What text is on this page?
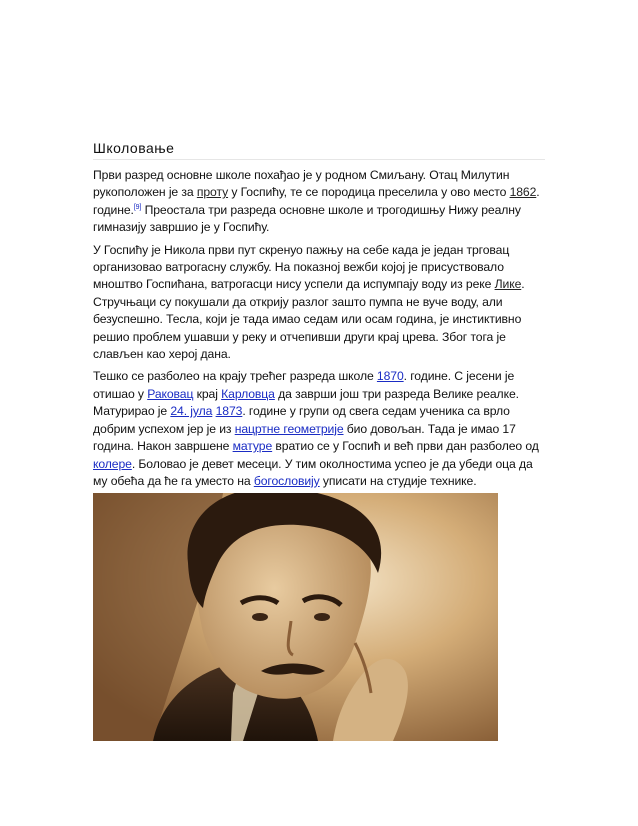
Школовање

Први разред основне школе похађао је у родном Смиљану. Отац Милутин рукоположен је за проту у Госпићу, те се породица преселила у ово место 1862. године.[9] Преостала три разреда основне школе и трогодишњу Нижу реалну гимназију завршио је у Госпићу.

У Госпићу је Никола први пут скренуо пажњу на себе када је један трговац организовао ватрогасну службу. На показној вежби којој је присуствовало мноштво Госпићана, ватрогасци нису успели да испумпају воду из реке Лике. Стручњаци су покушали да открију разлог зашто пумпа не вуче воду, али безуспешно. Тесла, који је тада имао седам или осам година, је инстиктивно решио проблем ушавши у реку и отчепивши други крај црева. Због тога је слављен као херој дана.

Тешко се разболео на крају трећег разреда школе 1870. године. С јесени је отишао у Раковац крај Карловца да заврши још три разреда Велике реалке. Матурирао је 24. јула 1873. године у групи од свега седам ученика са врло добрим успехом јер је из нацртне геометрије био довољан. Тада је имао 17 година. Након завршене матуре вратио се у Госпић и већ први дан разболео од колере. Боловао је девет месеци. У тим околностима успео је да убеди оца да му обећа да ће га уместо на богословију уписати на студије технике.
